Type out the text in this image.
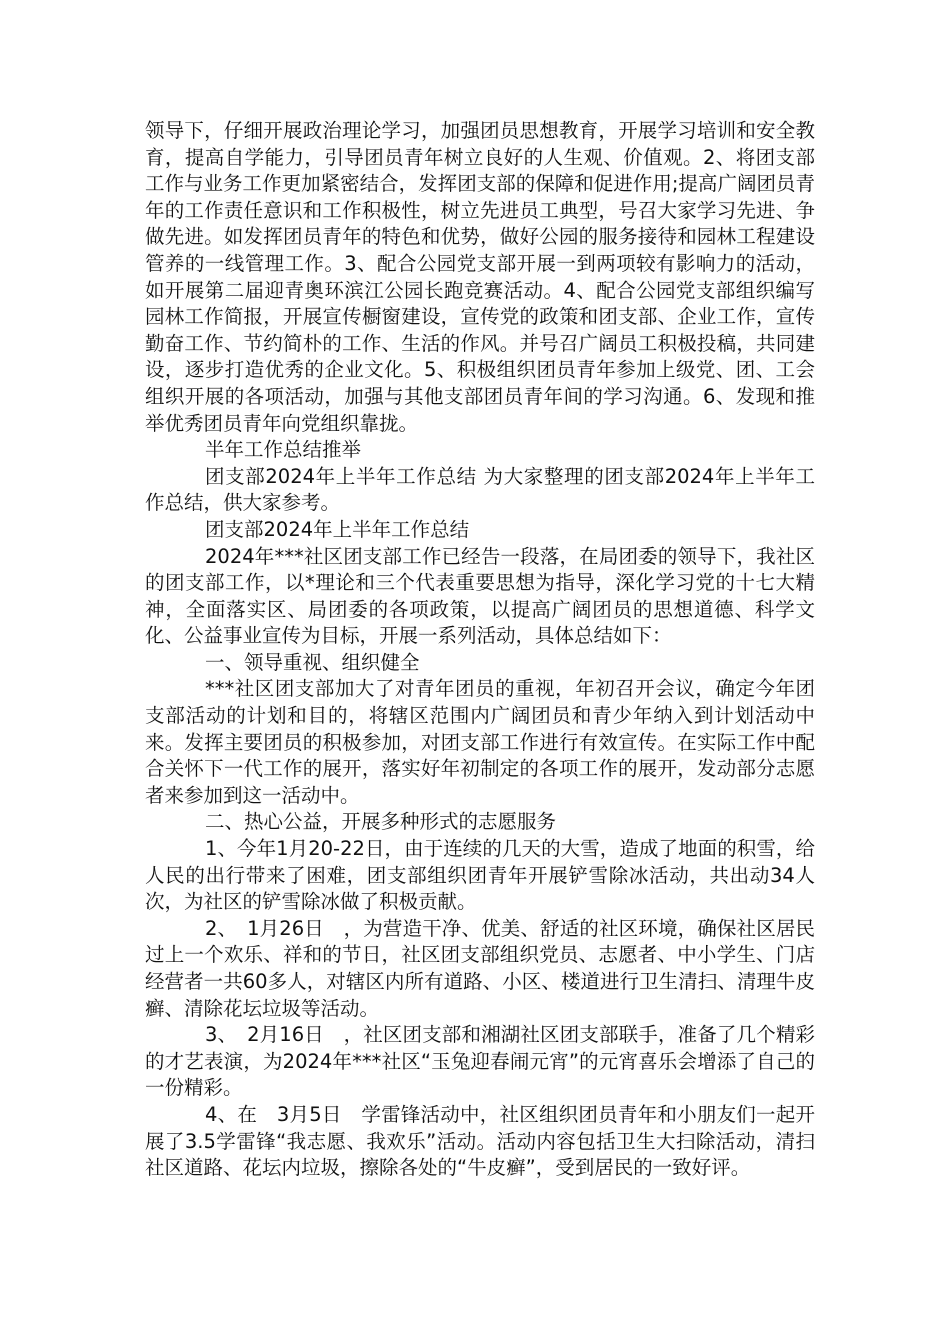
领导下，仔细开展政治理论学习，加强团员思想教育，开展学习培训和安全教育，提高自学能力，引导团员青年树立良好的人生观、价值观。2、将团支部工作与业务工作更加紧密结合，发挥团支部的保障和促进作用;提高广阔团员青年的工作责任意识和工作积极性，树立先进员工典型，号召大家学习先进、争做先进。如发挥团员青年的特色和优势，做好公园的服务接待和园林工程建设管养的一线管理工作。3、配合公园党支部开展一到两项较有影响力的活动，如开展第二届迎青奥环滨江公园长跑竞赛活动。4、配合公园党支部组织编写园林工作简报，开展宣传橱窗建设，宣传党的政策和团支部、企业工作，宣传勤奋工作、节约简朴的工作、生活的作风。并号召广阔员工积极投稿，共同建设，逐步打造优秀的企业文化。5、积极组织团员青年参加上级党、团、工会组织开展的各项活动，加强与其他支部团员青年间的学习沟通。6、发现和推举优秀团员青年向党组织靠拢。

半年工作总结推举

团支部2024年上半年工作总结 为大家整理的团支部2024年上半年工作总结，供大家参考。

团支部2024年上半年工作总结

2024年***社区团支部工作已经告一段落，在局团委的领导下，我社区的团支部工作，以*理论和三个代表重要思想为指导，深化学习党的十七大精神，全面落实区、局团委的各项政策，以提高广阔团员的思想道德、科学文化、公益事业宣传为目标，开展一系列活动，具体总结如下：

一、领导重视、组织健全

***社区团支部加大了对青年团员的重视，年初召开会议，确定今年团支部活动的计划和目的，将辖区范围内广阔团员和青少年纳入到计划活动中来。发挥主要团员的积极参加，对团支部工作进行有效宣传。在实际工作中配合关怀下一代工作的展开，落实好年初制定的各项工作的展开，发动部分志愿者来参加到这一活动中。

二、热心公益，开展多种形式的志愿服务

1、今年1月20-22日，由于连续的几天的大雪，造成了地面的积雪，给人民的出行带来了困难，团支部组织团青年开展铲雪除冰活动，共出动34人次，为社区的铲雪除冰做了积极贡献。

2、　1月26日　，为营造干净、优美、舒适的社区环境，确保社区居民过上一个欢乐、祥和的节日，社区团支部组织党员、志愿者、中小学生、门店经营者一共60多人，对辖区内所有道路、小区、楼道进行卫生清扫、清理牛皮癣、清除花坛垃圾等活动。

3、　2月16日　，社区团支部和湘湖社区团支部联手，准备了几个精彩的才艺表演，为2024年***社区“玉兔迎春闹元宵”的元宵喜乐会增添了自己的一份精彩。

4、在　3月5日　学雷锋活动中，社区组织团员青年和小朋友们一起开展了3.5学雷锋“我志愿、我欢乐”活动。活动内容包括卫生大扫除活动，清扫社区道路、花坛内垃圾，擦除各处的“牛皮癣”，受到居民的一致好评。
